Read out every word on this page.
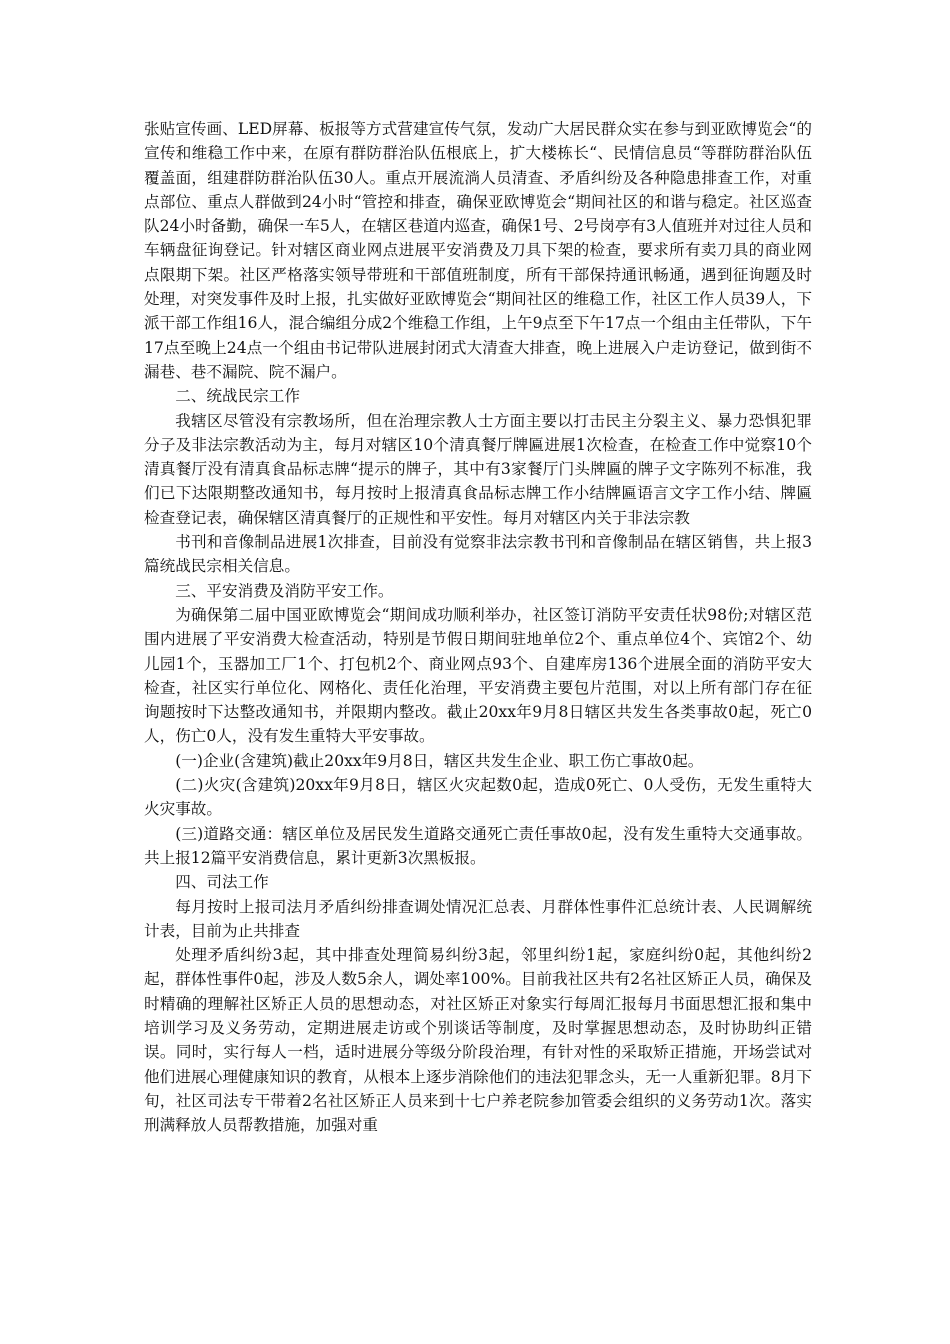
张贴宣传画、LED屏幕、板报等方式营建宣传气氛，发动广大居民群众实在参与到亚欧博览会“的宣传和维稳工作中来，在原有群防群治队伍根底上，扩大楼栋长“、民情信息员“等群防群治队伍覆盖面，组建群防群治队伍30人。重点开展流淌人员清查、矛盾纠纷及各种隐患排查工作，对重点部位、重点人群做到24小时“管控和排查，确保亚欧博览会“期间社区的和谐与稳定。社区巡查队24小时备勤，确保一车5人，在辖区巷道内巡查，确保1号、2号岗亭有3人值班并对过往人员和车辆盘征询登记。针对辖区商业网点进展平安消费及刀具下架的检查，要求所有卖刀具的商业网点限期下架。社区严格落实领导带班和干部值班制度，所有干部保持通讯畅通，遇到征询题及时处理，对突发事件及时上报，扎实做好亚欧博览会“期间社区的维稳工作，社区工作人员39人，下派干部工作组16人，混合编组分成2个维稳工作组，上午9点至下午17点一个组由主任带队，下午17点至晚上24点一个组由书记带队进展封闭式大清查大排查，晚上进展入户走访登记，做到街不漏巷、巷不漏院、院不漏户。

二、统战民宗工作

我辖区尽管没有宗教场所，但在治理宗教人士方面主要以打击民主分裂主义、暴力恐惧犯罪分子及非法宗教活动为主，每月对辖区10个清真餐厅牌匾进展1次检查，在检查工作中觉察10个清真餐厅没有清真食品标志牌“提示的牌子，其中有3家餐厅门头牌匾的牌子文字陈列不标准，我们已下达限期整改通知书，每月按时上报清真食品标志牌工作小结牌匾语言文字工作小结、牌匾检查登记表，确保辖区清真餐厅的正规性和平安性。每月对辖区内关于非法宗教

书刊和音像制品进展1次排查，目前没有觉察非法宗教书刊和音像制品在辖区销售，共上报3篇统战民宗相关信息。

三、平安消费及消防平安工作。

为确保第二届中国亚欧博览会“期间成功顺利举办，社区签订消防平安责任状98份;对辖区范围内进展了平安消费大检查活动，特别是节假日期间驻地单位2个、重点单位4个、宾馆2个、幼儿园1个，玉器加工厂1个、打包机2个、商业网点93个、自建库房136个进展全面的消防平安大检查，社区实行单位化、网格化、责任化治理，平安消费主要包片范围，对以上所有部门存在征询题按时下达整改通知书，并限期内整改。截止20xx年9月8日辖区共发生各类事故0起，死亡0人，伤亡0人，没有发生重特大平安事故。

(一)企业(含建筑)截止20xx年9月8日，辖区共发生企业、职工伤亡事故0起。

(二)火灾(含建筑)20xx年9月8日，辖区火灾起数0起，造成0死亡、0人受伤，无发生重特大火灾事故。

(三)道路交通：辖区单位及居民发生道路交通死亡责任事故0起，没有发生重特大交通事故。共上报12篇平安消费信息，累计更新3次黑板报。

四、司法工作

每月按时上报司法月矛盾纠纷排查调处情况汇总表、月群体性事件汇总统计表、人民调解统计表，目前为止共排查

处理矛盾纠纷3起，其中排查处理简易纠纷3起，邻里纠纷1起，家庭纠纷0起，其他纠纷2起，群体性事件0起，涉及人数5余人，调处率100%。目前我社区共有2名社区矫正人员，确保及时精确的理解社区矫正人员的思想动态，对社区矫正对象实行每周汇报每月书面思想汇报和集中培训学习及义务劳动，定期进展走访或个别谈话等制度，及时掌握思想动态，及时协助纠正错误。同时，实行每人一档，适时进展分等级分阶段治理，有针对性的采取矫正措施，开场尝试对他们进展心理健康知识的教育，从根本上逐步消除他们的违法犯罪念头，无一人重新犯罪。8月下旬，社区司法专干带着2名社区矫正人员来到十七户养老院参加管委会组织的义务劳动1次。落实刑满释放人员帮教措施，加强对重
